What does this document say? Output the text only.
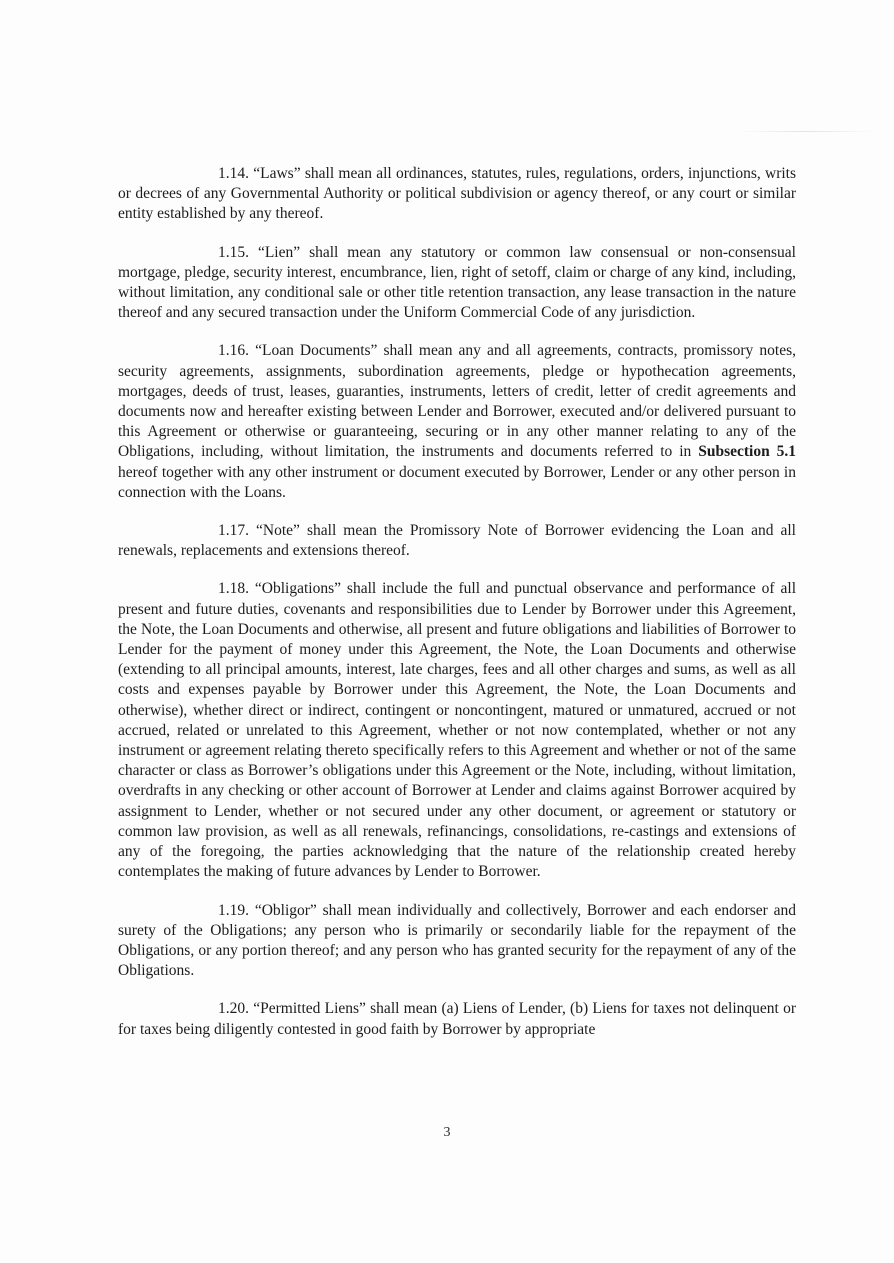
1.14. “Laws” shall mean all ordinances, statutes, rules, regulations, orders, injunctions, writs or decrees of any Governmental Authority or political subdivision or agency thereof, or any court or similar entity established by any thereof.

1.15. “Lien” shall mean any statutory or common law consensual or non-consensual mortgage, pledge, security interest, encumbrance, lien, right of setoff, claim or charge of any kind, including, without limitation, any conditional sale or other title retention transaction, any lease transaction in the nature thereof and any secured transaction under the Uniform Commercial Code of any jurisdiction.

1.16. “Loan Documents” shall mean any and all agreements, contracts, promissory notes, security agreements, assignments, subordination agreements, pledge or hypothecation agreements, mortgages, deeds of trust, leases, guaranties, instruments, letters of credit, letter of credit agreements and documents now and hereafter existing between Lender and Borrower, executed and/or delivered pursuant to this Agreement or otherwise or guaranteeing, securing or in any other manner relating to any of the Obligations, including, without limitation, the instruments and documents referred to in Subsection 5.1 hereof together with any other instrument or document executed by Borrower, Lender or any other person in connection with the Loans.

1.17. “Note” shall mean the Promissory Note of Borrower evidencing the Loan and all renewals, replacements and extensions thereof.

1.18. “Obligations” shall include the full and punctual observance and performance of all present and future duties, covenants and responsibilities due to Lender by Borrower under this Agreement, the Note, the Loan Documents and otherwise, all present and future obligations and liabilities of Borrower to Lender for the payment of money under this Agreement, the Note, the Loan Documents and otherwise (extending to all principal amounts, interest, late charges, fees and all other charges and sums, as well as all costs and expenses payable by Borrower under this Agreement, the Note, the Loan Documents and otherwise), whether direct or indirect, contingent or noncontingent, matured or unmatured, accrued or not accrued, related or unrelated to this Agreement, whether or not now contemplated, whether or not any instrument or agreement relating thereto specifically refers to this Agreement and whether or not of the same character or class as Borrower’s obligations under this Agreement or the Note, including, without limitation, overdrafts in any checking or other account of Borrower at Lender and claims against Borrower acquired by assignment to Lender, whether or not secured under any other document, or agreement or statutory or common law provision, as well as all renewals, refinancings, consolidations, re-castings and extensions of any of the foregoing, the parties acknowledging that the nature of the relationship created hereby contemplates the making of future advances by Lender to Borrower.

1.19. “Obligor” shall mean individually and collectively, Borrower and each endorser and surety of the Obligations; any person who is primarily or secondarily liable for the repayment of the Obligations, or any portion thereof; and any person who has granted security for the repayment of any of the Obligations.

1.20. “Permitted Liens” shall mean (a) Liens of Lender, (b) Liens for taxes not delinquent or for taxes being diligently contested in good faith by Borrower by appropriate

3
